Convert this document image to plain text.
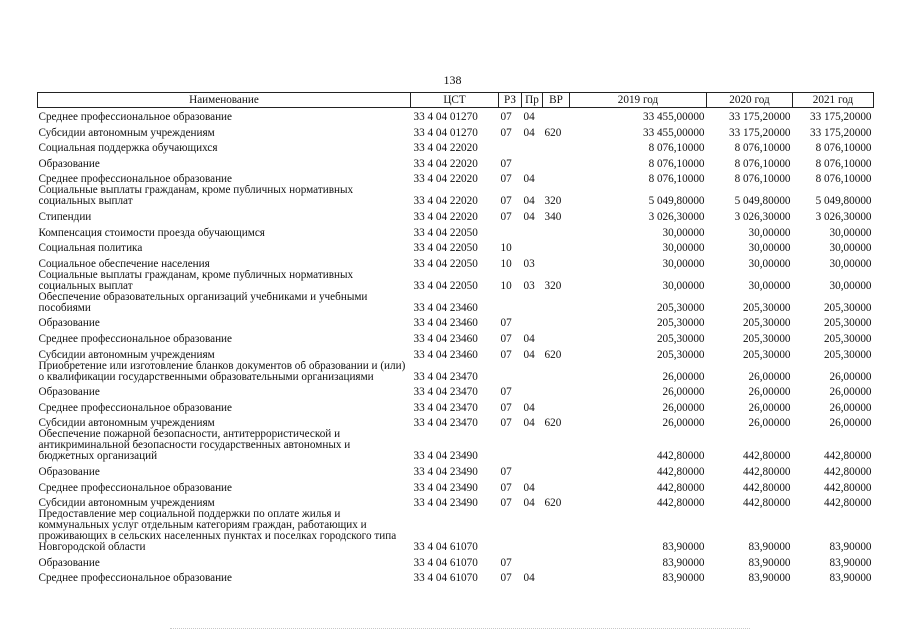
138
Наименование	ЦСТ	РЗ	Пр	ВР	2019 год	2020 год	2021 год
Среднее профессиональное образование	33 4 04 01270	07	04		33 455,00000	33 175,20000	33 175,20000
Субсидии автономным учреждениям	33 4 04 01270	07	04	620	33 455,00000	33 175,20000	33 175,20000
Социальная поддержка обучающихся	33 4 04 22020				8 076,10000	8 076,10000	8 076,10000
Образование	33 4 04 22020	07			8 076,10000	8 076,10000	8 076,10000
Среднее профессиональное образование	33 4 04 22020	07	04		8 076,10000	8 076,10000	8 076,10000
Социальные выплаты гражданам, кроме публичных нормативных социальных выплат	33 4 04 22020	07	04	320	5 049,80000	5 049,80000	5 049,80000
Стипендии	33 4 04 22020	07	04	340	3 026,30000	3 026,30000	3 026,30000
Компенсация стоимости проезда обучающимся	33 4 04 22050				30,00000	30,00000	30,00000
Социальная политика	33 4 04 22050	10			30,00000	30,00000	30,00000
Социальное обеспечение населения	33 4 04 22050	10	03		30,00000	30,00000	30,00000
Социальные выплаты гражданам, кроме публичных нормативных социальных выплат	33 4 04 22050	10	03	320	30,00000	30,00000	30,00000
Обеспечение образовательных организаций учебниками и учебными пособиями	33 4 04 23460				205,30000	205,30000	205,30000
Образование	33 4 04 23460	07			205,30000	205,30000	205,30000
Среднее профессиональное образование	33 4 04 23460	07	04		205,30000	205,30000	205,30000
Субсидии автономным учреждениям	33 4 04 23460	07	04	620	205,30000	205,30000	205,30000
Приобретение или изготовление бланков документов об образовании и (или) о квалификации государственными образовательными организациями	33 4 04 23470				26,00000	26,00000	26,00000
Образование	33 4 04 23470	07			26,00000	26,00000	26,00000
Среднее профессиональное образование	33 4 04 23470	07	04		26,00000	26,00000	26,00000
Субсидии автономным учреждениям	33 4 04 23470	07	04	620	26,00000	26,00000	26,00000
Обеспечение пожарной безопасности, антитеррористической и антикриминальной безопасности государственных автономных и бюджетных организаций	33 4 04 23490				442,80000	442,80000	442,80000
Образование	33 4 04 23490	07			442,80000	442,80000	442,80000
Среднее профессиональное образование	33 4 04 23490	07	04		442,80000	442,80000	442,80000
Субсидии автономным учреждениям	33 4 04 23490	07	04	620	442,80000	442,80000	442,80000
Предоставление мер социальной поддержки по оплате жилья и коммунальных услуг отдельным категориям граждан, работающих и проживающих в сельских населенных пунктах и поселках городского типа Новгородской области	33 4 04 61070				83,90000	83,90000	83,90000
Образование	33 4 04 61070	07			83,90000	83,90000	83,90000
Среднее профессиональное образование	33 4 04 61070	07	04		83,90000	83,90000	83,90000
